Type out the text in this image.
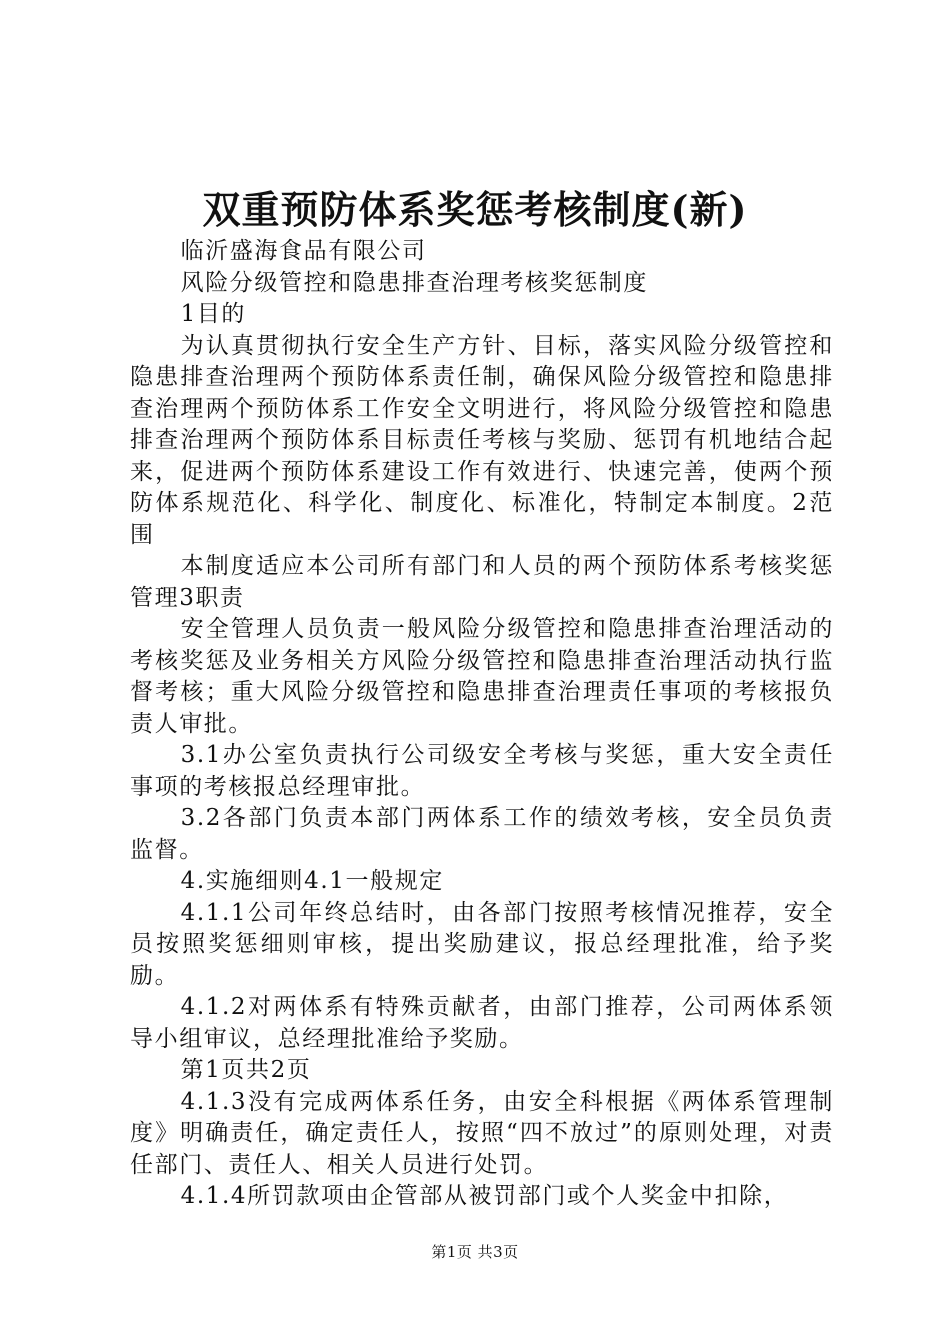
双重预防体系奖惩考核制度(新)

临沂盛海食品有限公司

风险分级管控和隐患排查治理考核奖惩制度

1目的

为认真贯彻执行安全生产方针、目标，落实风险分级管控和隐患排查治理两个预防体系责任制，确保风险分级管控和隐患排查治理两个预防体系工作安全文明进行，将风险分级管控和隐患排查治理两个预防体系目标责任考核与奖励、惩罚有机地结合起来，促进两个预防体系建设工作有效进行、快速完善，使两个预防体系规范化、科学化、制度化、标准化，特制定本制度。2范围

本制度适应本公司所有部门和人员的两个预防体系考核奖惩管理3职责

安全管理人员负责一般风险分级管控和隐患排查治理活动的考核奖惩及业务相关方风险分级管控和隐患排查治理活动执行监督考核；重大风险分级管控和隐患排查治理责任事项的考核报负责人审批。

3.1办公室负责执行公司级安全考核与奖惩，重大安全责任事项的考核报总经理审批。

3.2各部门负责本部门两体系工作的绩效考核，安全员负责监督。

4.实施细则4.1一般规定

4.1.1公司年终总结时，由各部门按照考核情况推荐，安全员按照奖惩细则审核，提出奖励建议，报总经理批准，给予奖励。

4.1.2对两体系有特殊贡献者，由部门推荐，公司两体系领导小组审议，总经理批准给予奖励。

第1页共2页

4.1.3没有完成两体系任务，由安全科根据《两体系管理制度》明确责任，确定责任人，按照“四不放过”的原则处理，对责任部门、责任人、相关人员进行处罚。

4.1.4所罚款项由企管部从被罚部门或个人奖金中扣除，

第1页 共3页
